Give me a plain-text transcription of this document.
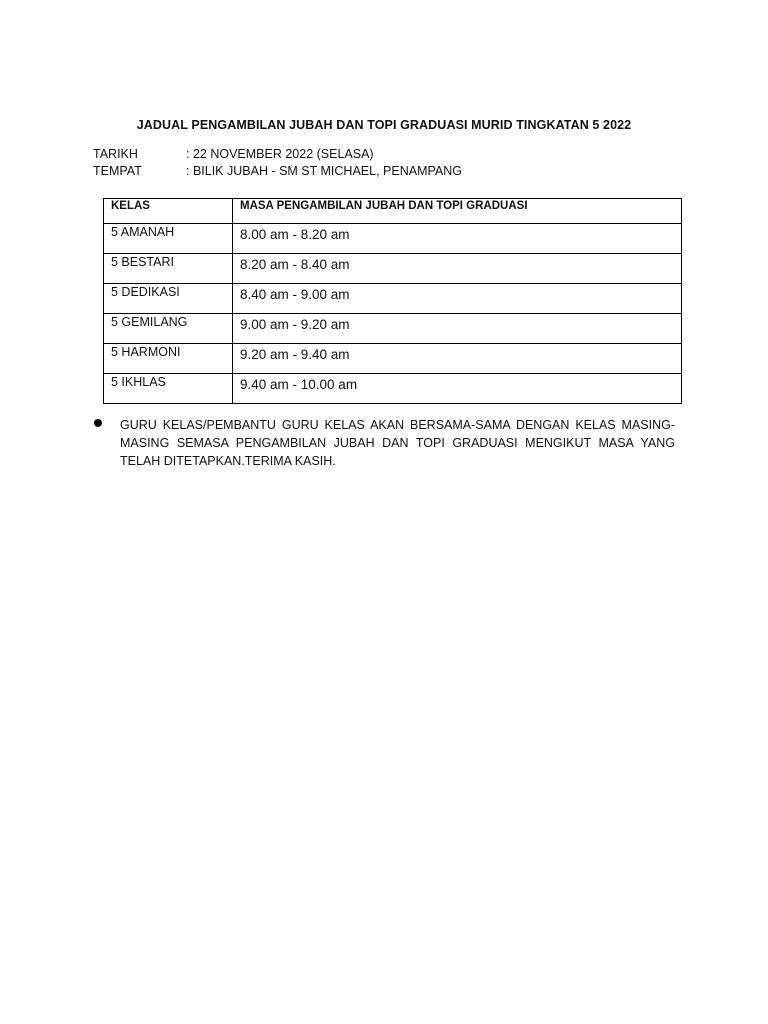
JADUAL PENGAMBILAN JUBAH DAN TOPI GRADUASI MURID TINGKATAN 5 2022
TARIKH	: 22 NOVEMBER 2022 (SELASA)
TEMPAT	: BILIK JUBAH - SM ST MICHAEL, PENAMPANG
KELAS	MASA PENGAMBILAN JUBAH DAN TOPI GRADUASI
5 AMANAH	8.00 am - 8.20 am
5 BESTARI	8.20 am - 8.40 am
5 DEDIKASI	8.40 am - 9.00 am
5 GEMILANG	9.00 am - 9.20 am
5 HARMONI	9.20 am - 9.40 am
5 IKHLAS	9.40 am - 10.00 am
GURU KELAS/PEMBANTU GURU KELAS AKAN BERSAMA-SAMA DENGAN KELAS MASING-MASING SEMASA PENGAMBILAN JUBAH DAN TOPI GRADUASI MENGIKUT MASA YANG TELAH DITETAPKAN.TERIMA KASIH.
